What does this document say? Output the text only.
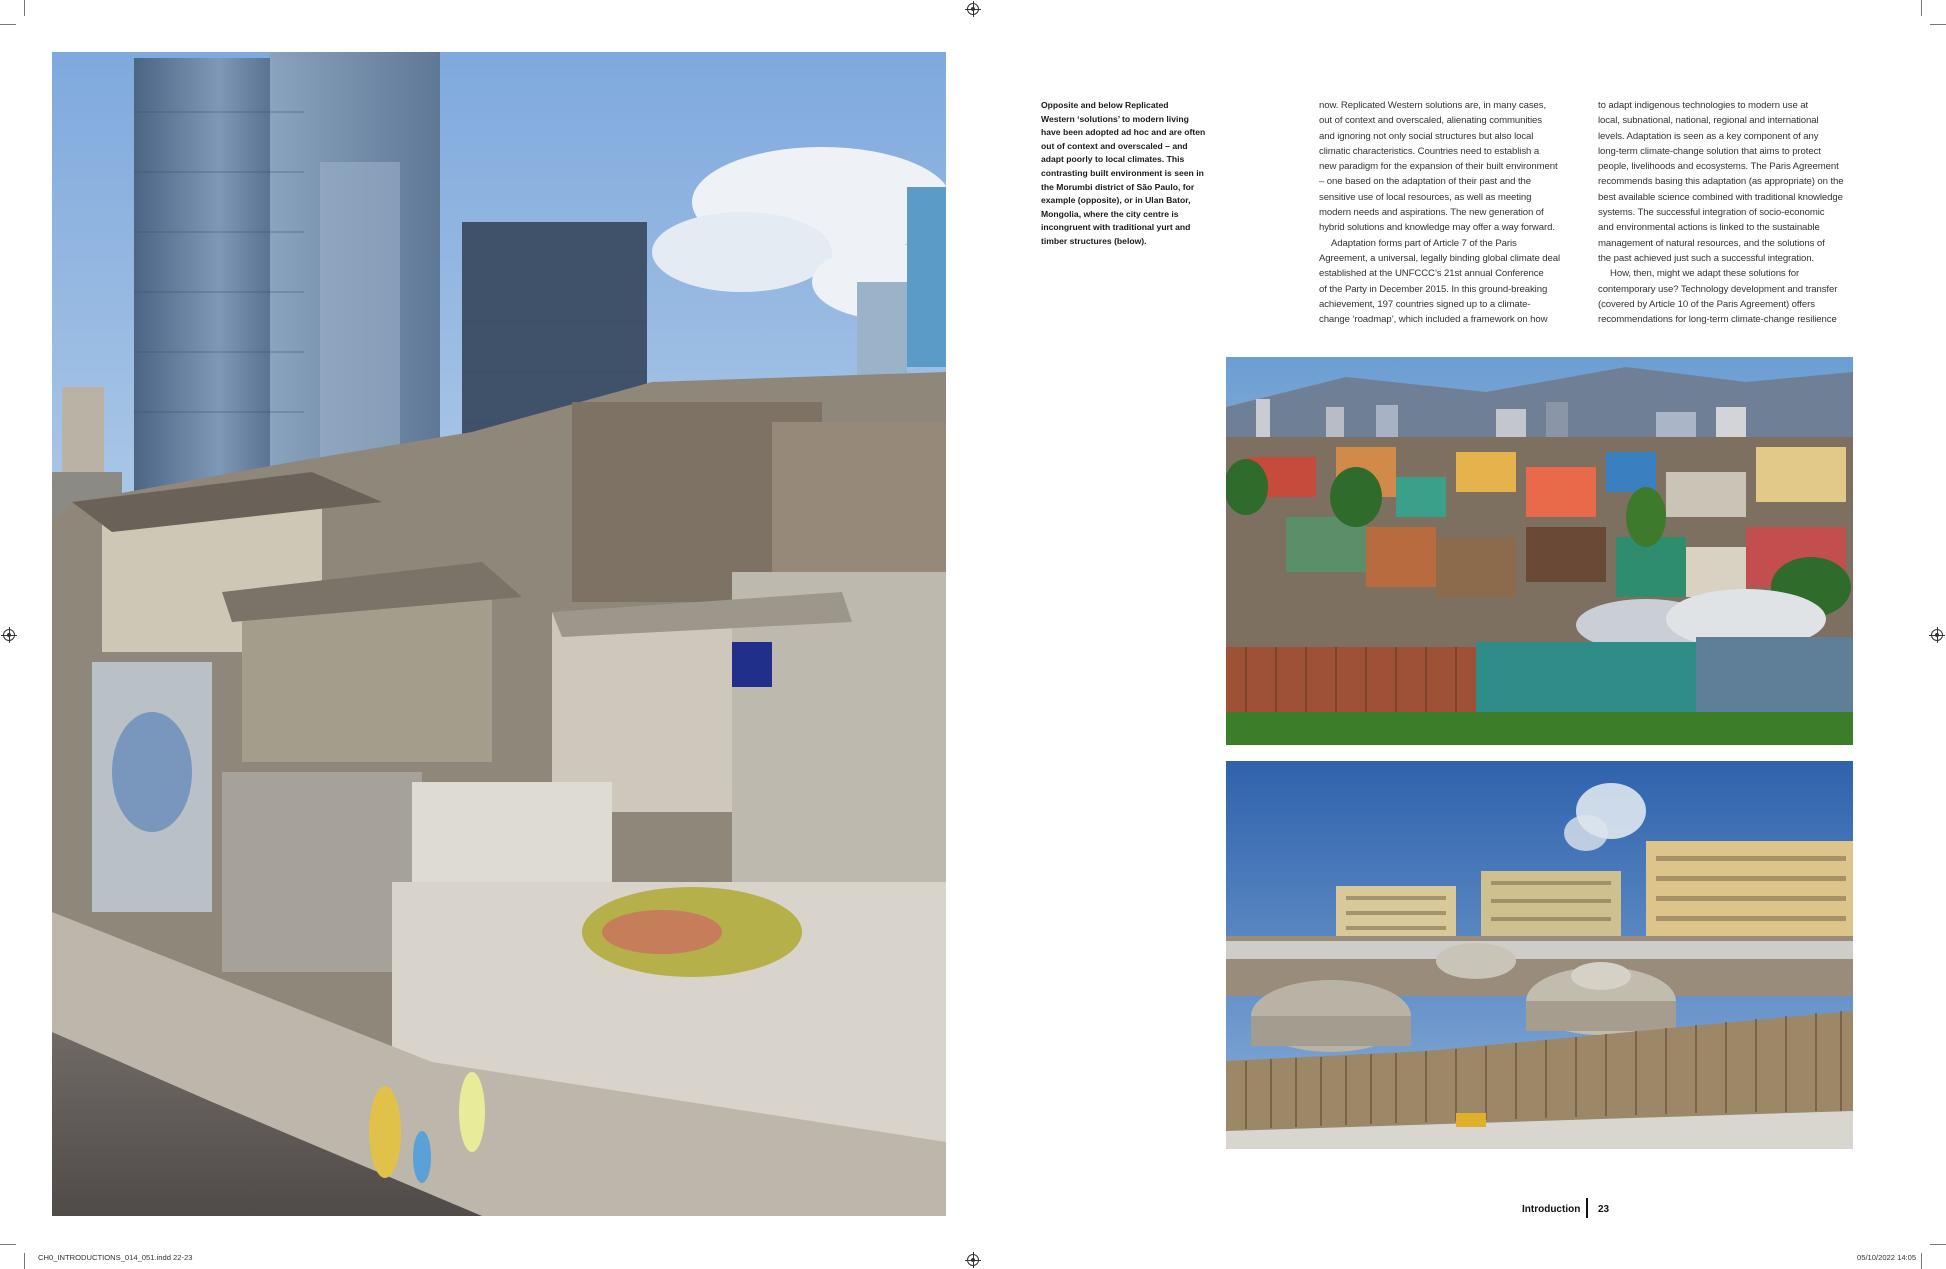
Opposite and below Replicated
Western ‘solutions’ to modern living
have been adopted ad hoc and are often
out of context and overscaled – and
adapt poorly to local climates. This
contrasting built environment is seen in
the Morumbi district of São Paulo, for
example (opposite), or in Ulan Bator,
Mongolia, where the city centre is
incongruent with traditional yurt and
timber structures (below).

now. Replicated Western solutions are, in many cases,
out of context and overscaled, alienating communities
and ignoring not only social structures but also local
climatic characteristics. Countries need to establish a
new paradigm for the expansion of their built environment
– one based on the adaptation of their past and the
sensitive use of local resources, as well as meeting
modern needs and aspirations. The new generation of
hybrid solutions and knowledge may offer a way forward.
Adaptation forms part of Article 7 of the Paris
Agreement, a universal, legally binding global climate deal
established at the UNFCCC’s 21st annual Conference
of the Party in December 2015. In this ground-breaking
achievement, 197 countries signed up to a climate-
change ‘roadmap’, which included a framework on how
to adapt indigenous technologies to modern use at
local, subnational, national, regional and international
levels. Adaptation is seen as a key component of any
long-term climate-change solution that aims to protect
people, livelihoods and ecosystems. The Paris Agreement
recommends basing this adaptation (as appropriate) on the
best available science combined with traditional knowledge
systems. The successful integration of socio-economic
and environmental actions is linked to the sustainable
management of natural resources, and the solutions of
the past achieved just such a successful integration.
How, then, might we adapt these solutions for
contemporary use? Technology development and transfer
(covered by Article 10 of the Paris Agreement) offers
recommendations for long-term climate-change resilience
Introduction 23
CH0_INTRODUCTIONS_014_051.indd 22-23	05/10/2022 14:05
